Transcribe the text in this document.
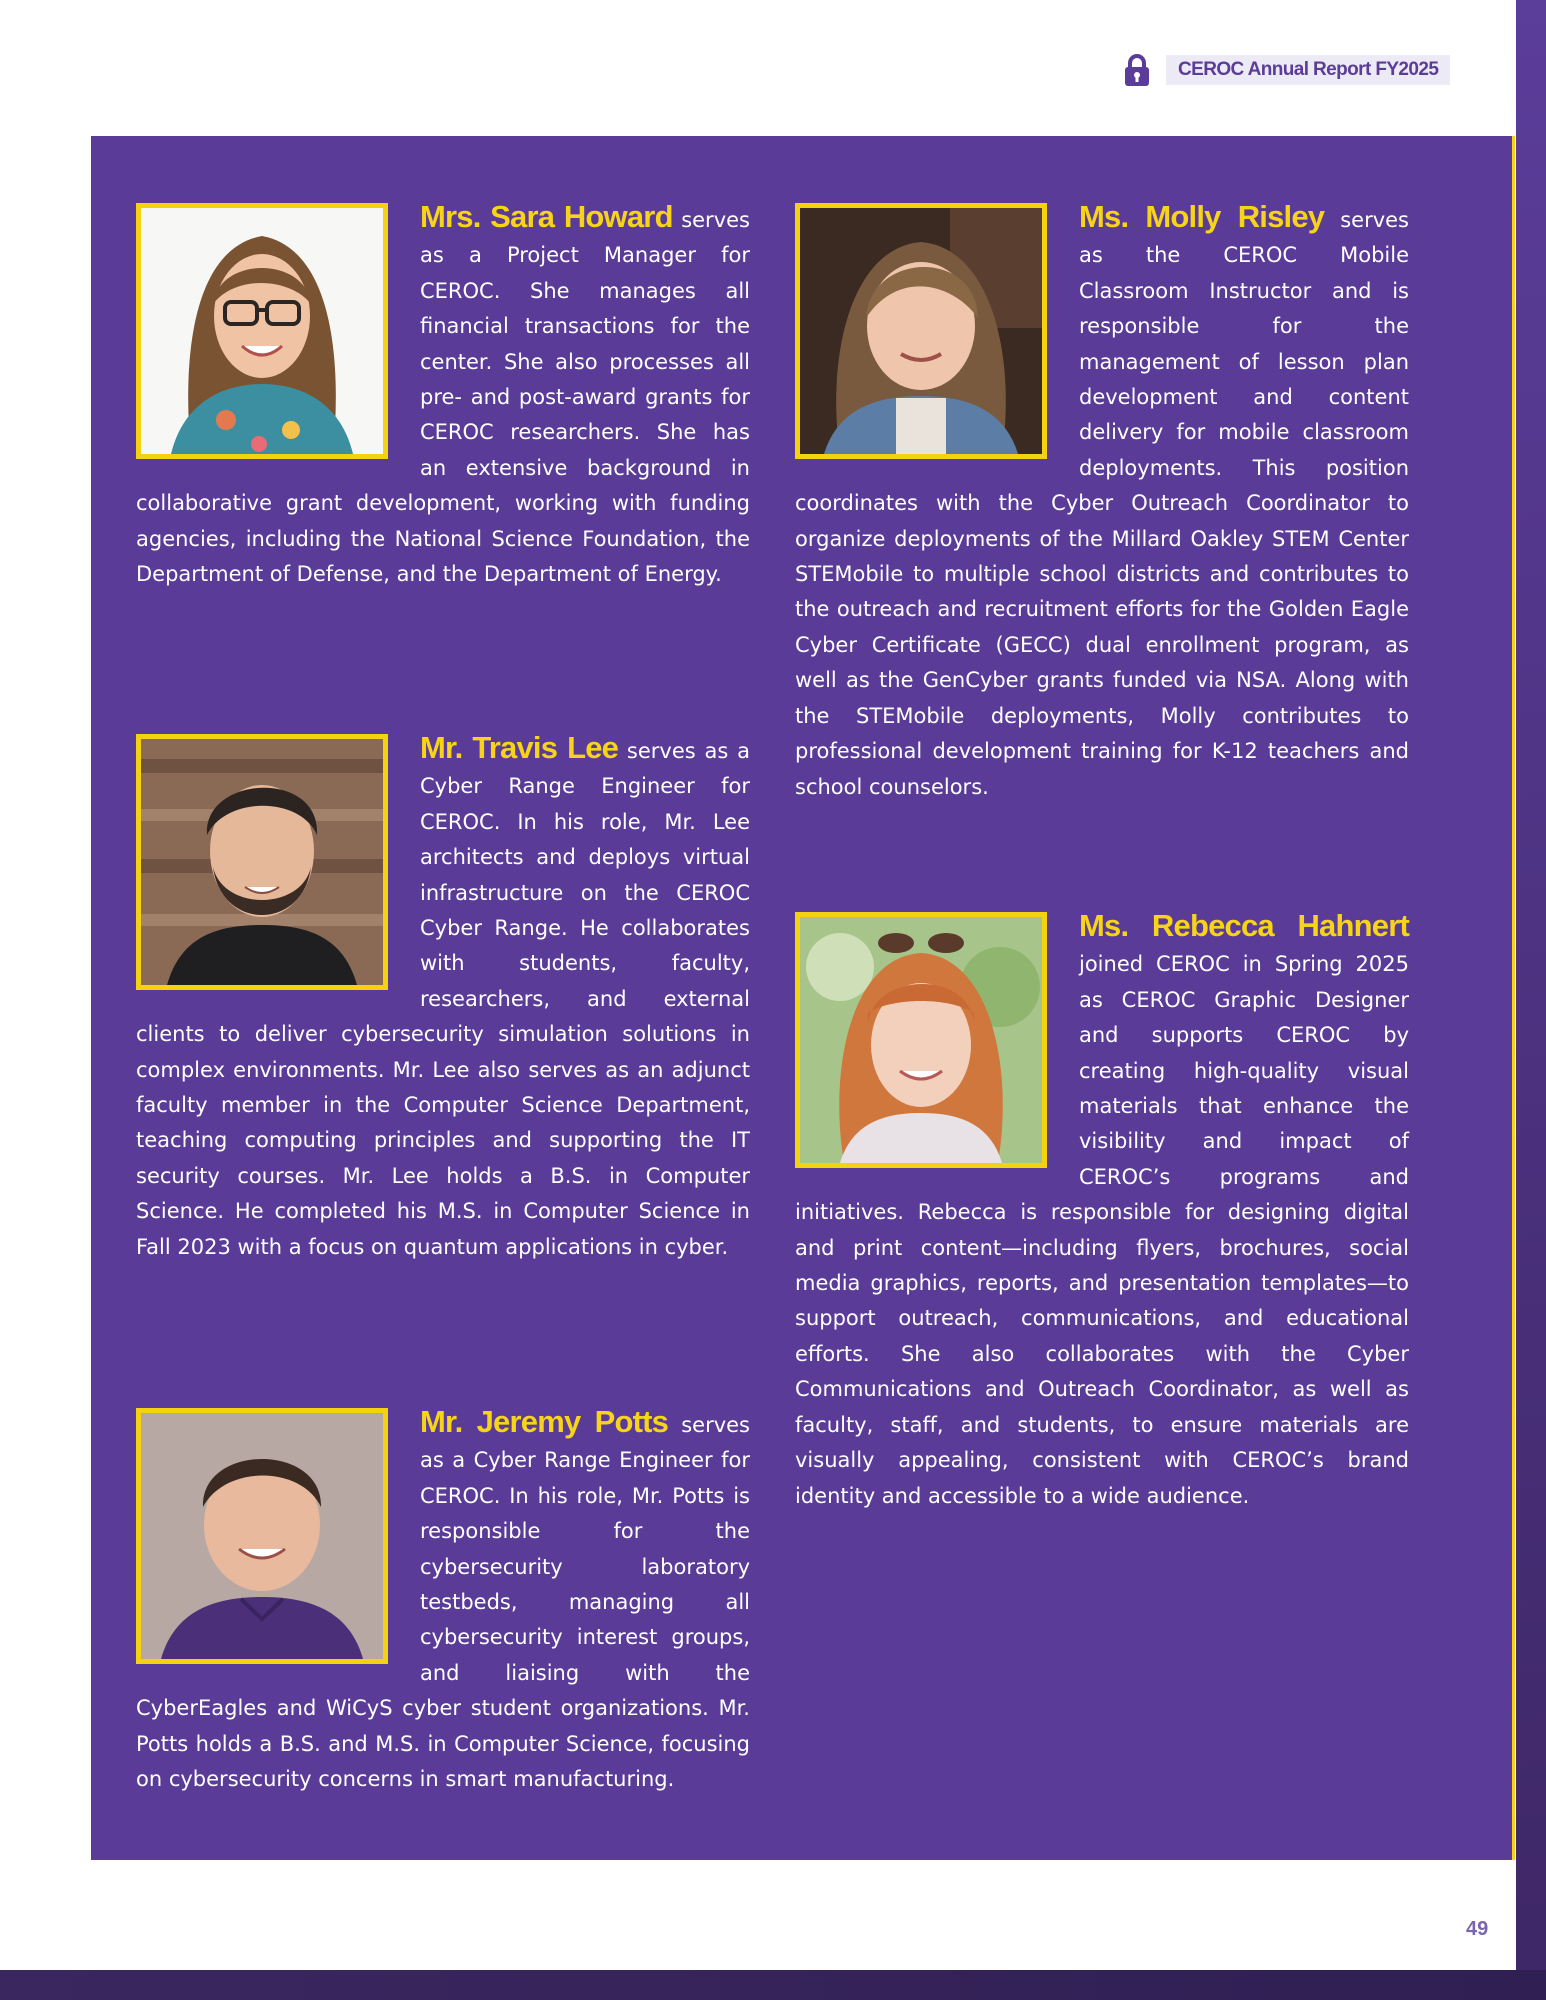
CEROC Annual Report FY2025

Mrs. Sara Howard serves as a Project Manager for CEROC. She manages all financial transactions for the center. She also processes all pre- and post-award grants for CEROC researchers. She has an extensive background in collaborative grant development, working with funding agencies, including the National Science Foundation, the Department of Defense, and the Department of Energy.

Mr. Travis Lee serves as a Cyber Range Engineer for CEROC. In his role, Mr. Lee architects and deploys virtual infrastructure on the CEROC Cyber Range. He collaborates with students, faculty, researchers, and external clients to deliver cybersecurity simulation solutions in complex environments. Mr. Lee also serves as an adjunct faculty member in the Computer Science Department, teaching computing principles and supporting the IT security courses. Mr. Lee holds a B.S. in Computer Science. He completed his M.S. in Computer Science in Fall 2023 with a focus on quantum applications in cyber.

Mr. Jeremy Potts serves as a Cyber Range Engineer for CEROC. In his role, Mr. Potts is responsible for the cybersecurity laboratory testbeds, managing all cybersecurity interest groups, and liaising with the CyberEagles and WiCyS cyber student organizations. Mr. Potts holds a B.S. and M.S. in Computer Science, focusing on cybersecurity concerns in smart manufacturing.

Ms. Molly Risley serves as the CEROC Mobile Classroom Instructor and is responsible for the management of lesson plan development and content delivery for mobile classroom deployments. This position coordinates with the Cyber Outreach Coordinator to organize deployments of the Millard Oakley STEM Center STEMobile to multiple school districts and contributes to the outreach and recruitment efforts for the Golden Eagle Cyber Certificate (GECC) dual enrollment program, as well as the GenCyber grants funded via NSA. Along with the STEMobile deployments, Molly contributes to professional development training for K-12 teachers and school counselors.

Ms. Rebecca Hahnert joined CEROC in Spring 2025 as CEROC Graphic Designer and supports CEROC by creating high-quality visual materials that enhance the visibility and impact of CEROC’s programs and initiatives. Rebecca is responsible for designing digital and print content—including flyers, brochures, social media graphics, reports, and presentation templates—to support outreach, communications, and educational efforts. She also collaborates with the Cyber Communications and Outreach Coordinator, as well as faculty, staff, and students, to ensure materials are visually appealing, consistent with CEROC’s brand identity and accessible to a wide audience.

49
